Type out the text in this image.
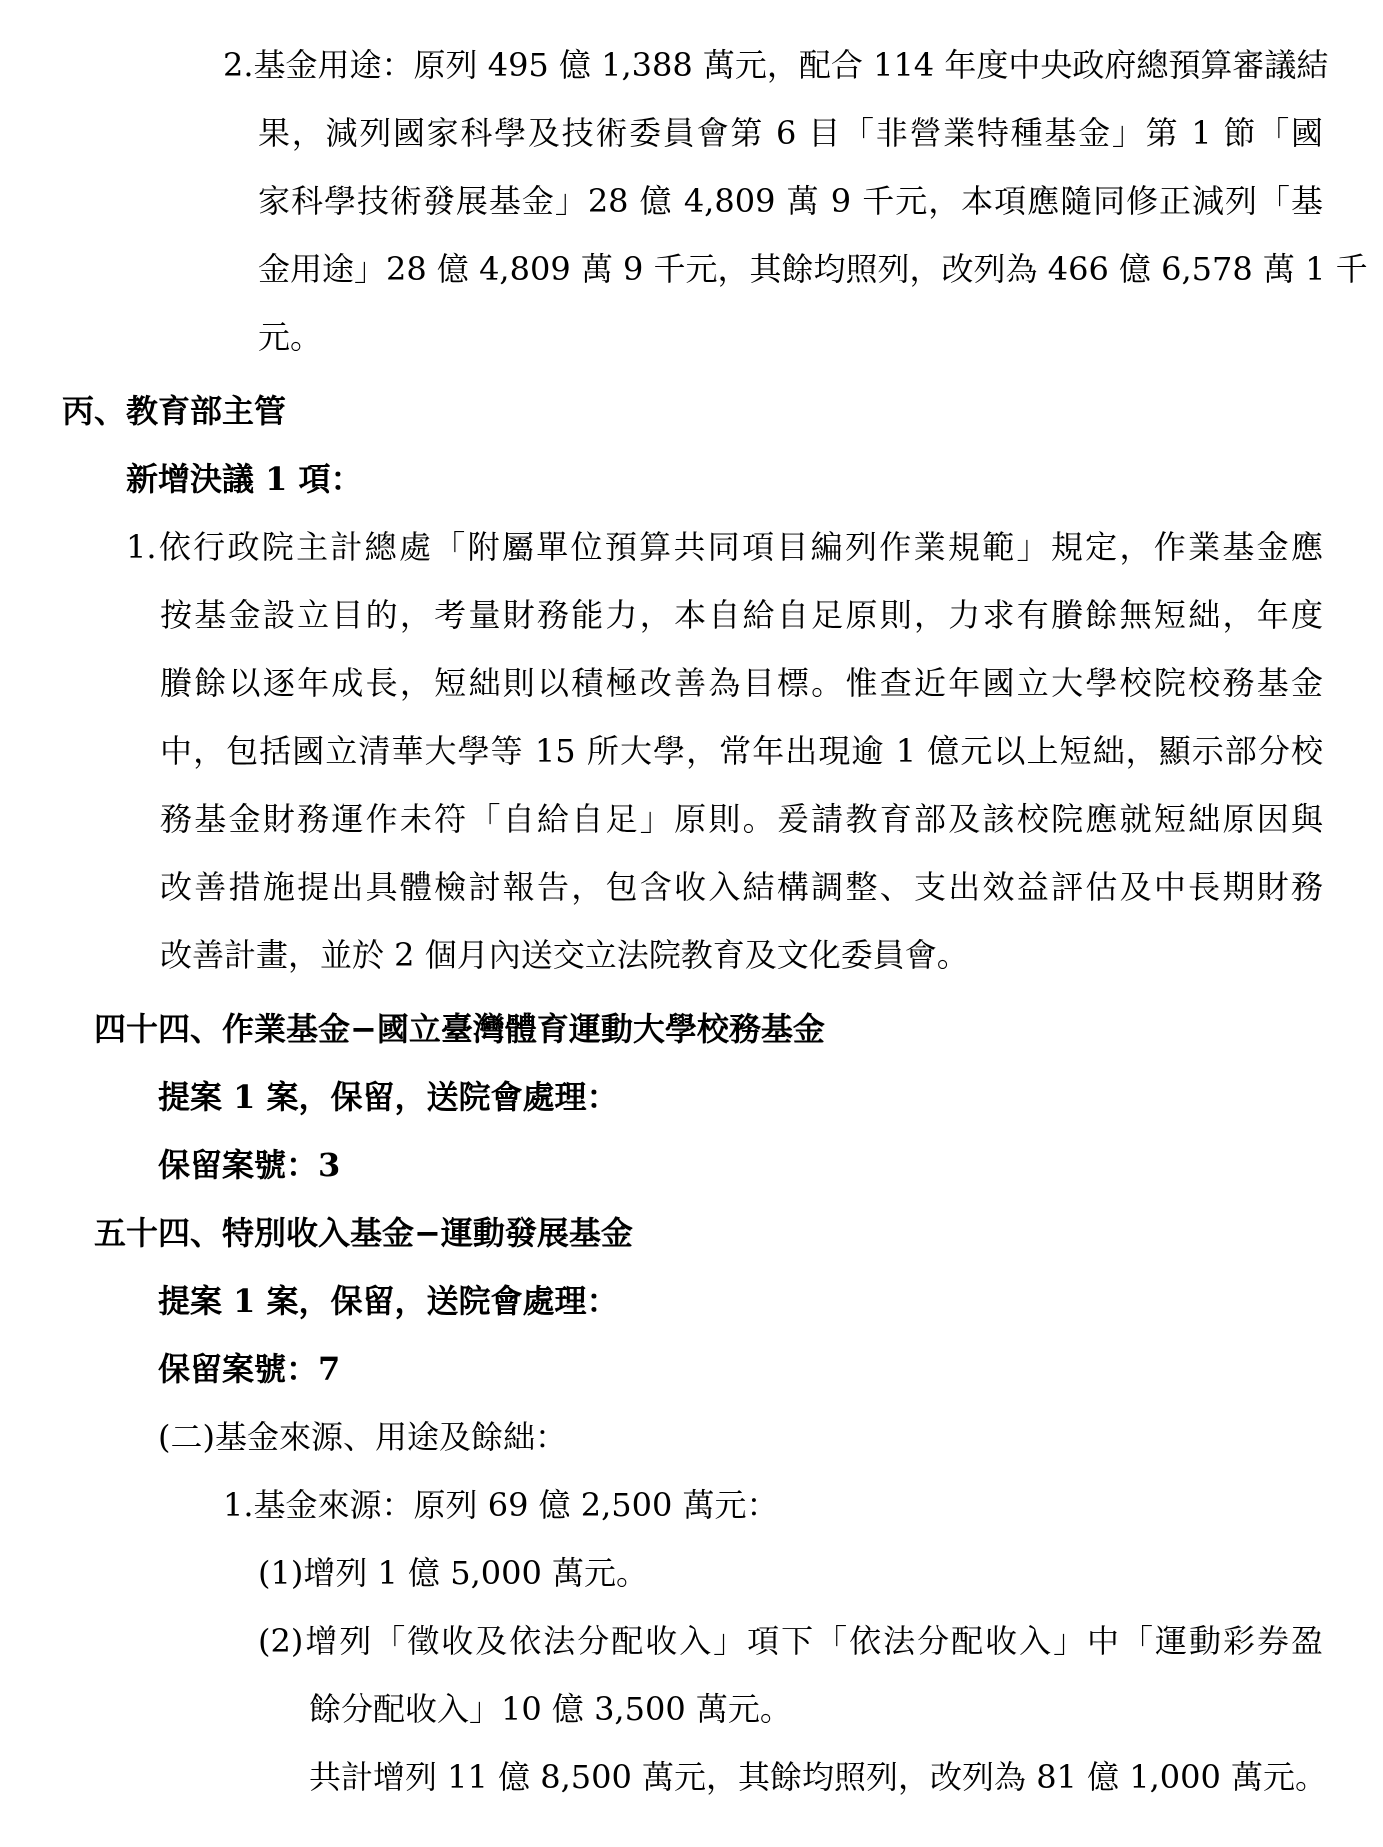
2.基金用途：原列 495 億 1,388 萬元，配合 114 年度中央政府總預算審議結
果，減列國家科學及技術委員會第 6 目「非營業特種基金」第 1 節「國
家科學技術發展基金」28 億 4,809 萬 9 千元，本項應隨同修正減列「基
金用途」28 億 4,809 萬 9 千元，其餘均照列，改列為 466 億 6,578 萬 1 千
元。
丙、教育部主管
新增決議 1 項：
1.依行政院主計總處「附屬單位預算共同項目編列作業規範」規定，作業基金應
按基金設立目的，考量財務能力，本自給自足原則，力求有賸餘無短絀，年度
賸餘以逐年成長，短絀則以積極改善為目標。惟查近年國立大學校院校務基金
中，包括國立清華大學等 15 所大學，常年出現逾 1 億元以上短絀，顯示部分校
務基金財務運作未符「自給自足」原則。爰請教育部及該校院應就短絀原因與
改善措施提出具體檢討報告，包含收入結構調整、支出效益評估及中長期財務
改善計畫，並於 2 個月內送交立法院教育及文化委員會。
四十四、作業基金−國立臺灣體育運動大學校務基金
提案 1 案，保留，送院會處理：
保留案號：3
五十四、特別收入基金−運動發展基金
提案 1 案，保留，送院會處理：
保留案號：7
(二)基金來源、用途及餘絀：
1.基金來源：原列 69 億 2,500 萬元：
(1)增列 1 億 5,000 萬元。
(2)增列「徵收及依法分配收入」項下「依法分配收入」中「運動彩券盈
餘分配收入」10 億 3,500 萬元。
共計增列 11 億 8,500 萬元，其餘均照列，改列為 81 億 1,000 萬元。
